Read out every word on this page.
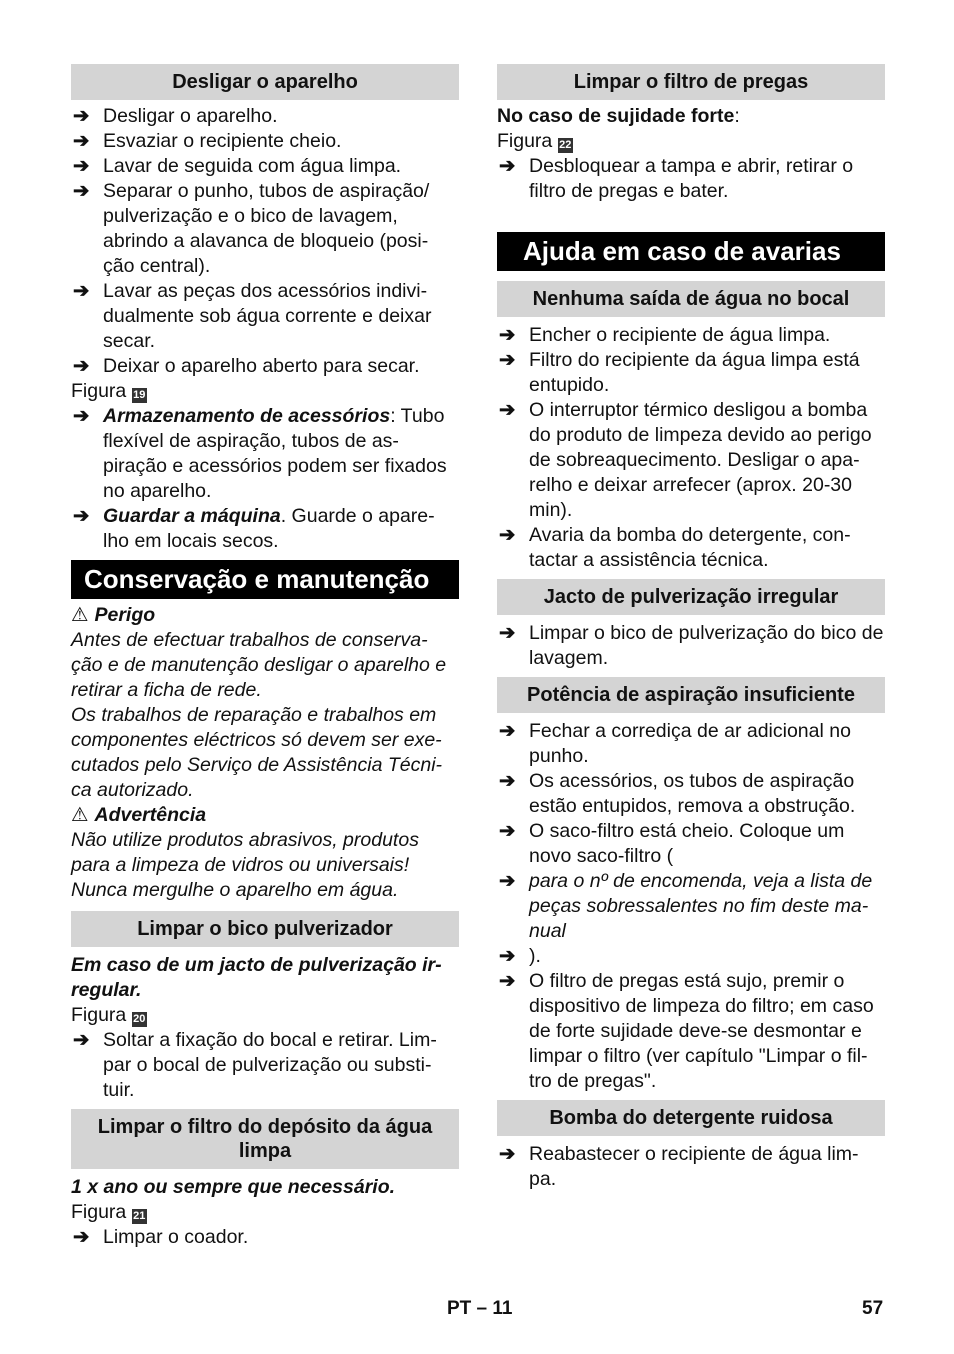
Desligar o aparelho
➔ Desligar o aparelho.
➔ Esvaziar o recipiente cheio.
➔ Lavar de seguida com água limpa.
➔ Separar o punho, tubos de aspiração/ pulverização e o bico de lavagem, abrindo a alavanca de bloqueio (posi- ção central).
➔ Lavar as peças dos acessórios indivi- dualmente sob água corrente e deixar secar.
➔ Deixar o aparelho aberto para secar.
Figura 19
➔ Armazenamento de acessórios: Tubo flexível de aspiração, tubos de as- piração e acessórios podem ser fixados no aparelho.
➔ Guardar a máquina. Guarde o apare- lho em locais secos.
Conservação e manutenção
⚠ Perigo
Antes de efectuar trabalhos de conserva- ção e de manutenção desligar o aparelho e retirar a ficha de rede.
Os trabalhos de reparação e trabalhos em componentes eléctricos só devem ser exe- cutados pelo Serviço de Assistência Técni- ca autorizado.
⚠ Advertência
Não utilize produtos abrasivos, produtos para a limpeza de vidros ou universais! Nunca mergulhe o aparelho em água.
Limpar o bico pulverizador
Em caso de um jacto de pulverização ir- regular.
Figura 20
➔ Soltar a fixação do bocal e retirar. Lim- par o bocal de pulverização ou substi- tuir.
Limpar o filtro do depósito da água limpa
1 x ano ou sempre que necessário.
Figura 21
➔ Limpar o coador.
Limpar o filtro de pregas
No caso de sujidade forte:
Figura 22
➔ Desbloquear a tampa e abrir, retirar o filtro de pregas e bater.
Ajuda em caso de avarias
Nenhuma saída de água no bocal
➔ Encher o recipiente de água limpa.
➔ Filtro do recipiente da água limpa está entupido.
➔ O interruptor térmico desligou a bomba do produto de limpeza devido ao perigo de sobreaquecimento. Desligar o apa- relho e deixar arrefecer (aprox. 20-30 min).
➔ Avaria da bomba do detergente, con- tactar a assistência técnica.
Jacto de pulverização irregular
➔ Limpar o bico de pulverização do bico de lavagem.
Potência de aspiração insuficiente
➔ Fechar a corrediça de ar adicional no punho.
➔ Os acessórios, os tubos de aspiração estão entupidos, remova a obstrução.
➔ O saco-filtro está cheio. Coloque um novo saco-filtro (
➔ para o nº de encomenda, veja a lista de peças sobressalentes no fim deste ma- nual
➔ ).
➔ O filtro de pregas está sujo, premir o dispositivo de limpeza do filtro; em caso de forte sujidade deve-se desmontar e limpar o filtro (ver capítulo "Limpar o fil- tro de pregas".
Bomba do detergente ruidosa
➔ Reabastecer o recipiente de água lim- pa.
PT – 11	57
